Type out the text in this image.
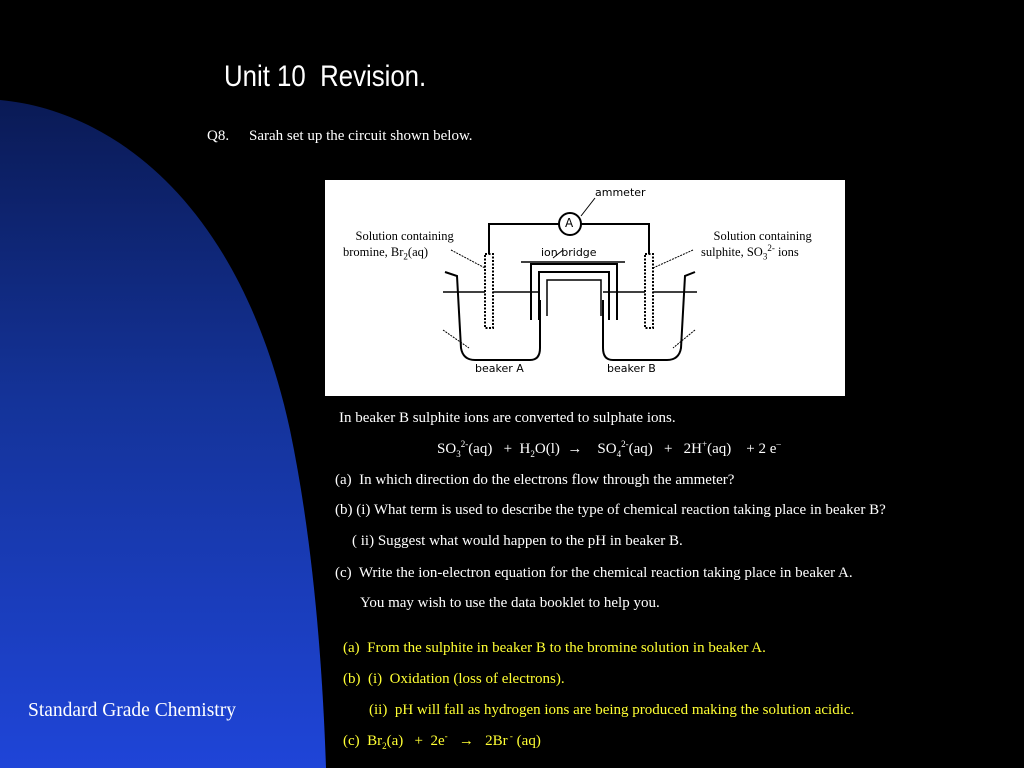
Unit 10  Revision.
Q8. Sarah set up the circuit shown below.

Solution containing
bromine, $Br_2(aq)$

Solution containing
sulphite, $SO_3^{2-}$ ions

A
ammeter
ion bridge
beaker A	beaker B
In beaker B sulphite ions are converted to sulphate ions.
$SO_3^{2-}(aq) + H_2O(l) \to SO_4^{2-}(aq) + 2H^+(aq)$    + 2 e–
(a)  In which direction do the electrons flow through the ammeter?
(b) (i) What term is used to describe the type of chemical reaction taking place in beaker B?
( ii) Suggest what would happen to the pH in beaker B.
(c)  Write the ion-electron equation for the chemical reaction taking place in beaker A.
You may wish to use the data booklet to help you.
(a)  From the sulphite in beaker B to the bromine solution in beaker A.
(b)  (i)  Oxidation (loss of electrons).
(ii)  pH will fall as hydrogen ions are being produced making the solution acidic.
(c)  $Br_2(a) + 2e^- \to 2Br$ - (aq)
Standard Grade Chemistry
